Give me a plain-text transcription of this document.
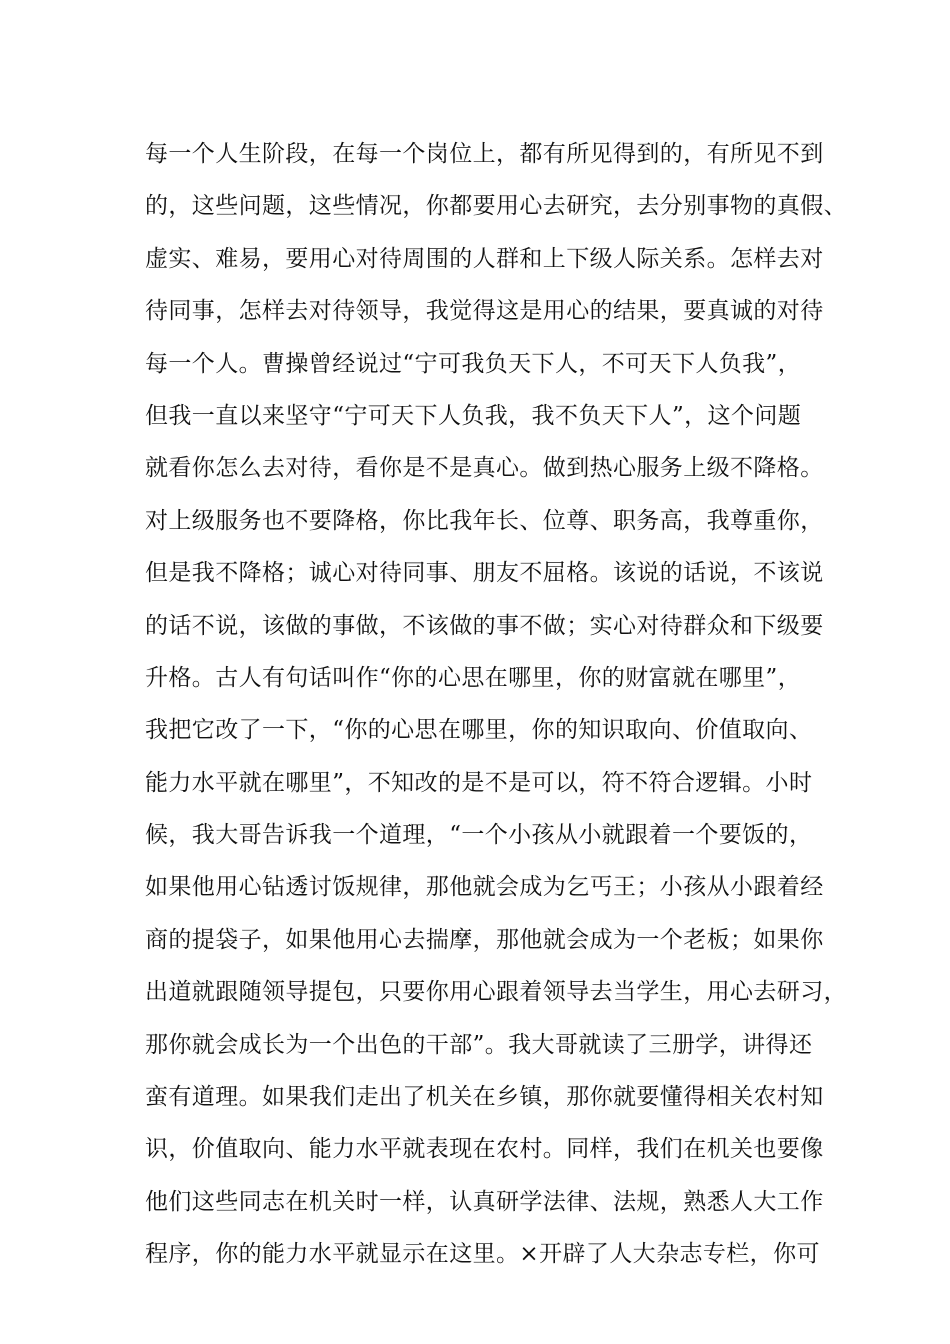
每一个人生阶段，在每一个岗位上，都有所见得到的，有所见不到
的，这些问题，这些情况，你都要用心去研究，去分别事物的真假、
虚实、难易，要用心对待周围的人群和上下级人际关系。怎样去对
待同事，怎样去对待领导，我觉得这是用心的结果，要真诚的对待
每一个人。曹操曾经说过“宁可我负天下人，不可天下人负我”，
但我一直以来坚守“宁可天下人负我，我不负天下人”，这个问题
就看你怎么去对待，看你是不是真心。做到热心服务上级不降格。
对上级服务也不要降格，你比我年长、位尊、职务高，我尊重你，
但是我不降格；诚心对待同事、朋友不屈格。该说的话说，不该说
的话不说，该做的事做，不该做的事不做；实心对待群众和下级要
升格。古人有句话叫作“你的心思在哪里，你的财富就在哪里”，
我把它改了一下，“你的心思在哪里，你的知识取向、价值取向、
能力水平就在哪里”，不知改的是不是可以，符不符合逻辑。小时
候，我大哥告诉我一个道理，“一个小孩从小就跟着一个要饭的，
如果他用心钻透讨饭规律，那他就会成为乞丐王；小孩从小跟着经
商的提袋子，如果他用心去揣摩，那他就会成为一个老板；如果你
出道就跟随领导提包，只要你用心跟着领导去当学生，用心去研习，
那你就会成长为一个出色的干部”。我大哥就读了三册学，讲得还
蛮有道理。如果我们走出了机关在乡镇，那你就要懂得相关农村知
识，价值取向、能力水平就表现在农村。同样，我们在机关也要像
他们这些同志在机关时一样，认真研学法律、法规，熟悉人大工作
程序，你的能力水平就显示在这里。×开辟了人大杂志专栏，你可
